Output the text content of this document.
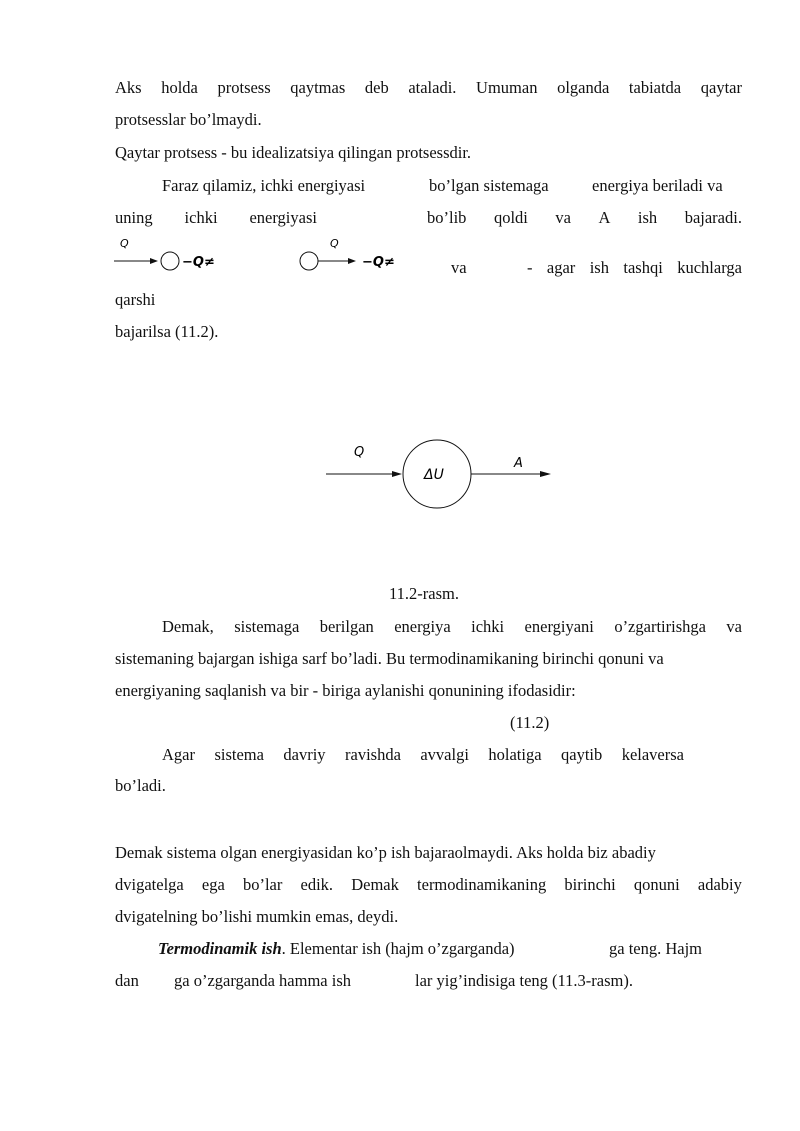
Aks holda protsess qaytmas deb ataladi. Umuman olganda tabiatda qaytar
protsesslar bo’lmaydi.
Qaytar protsess - bu idealizatsiya qilingan protsessdir.
Faraz qilamiz, ichki energiyasi	bo’lgan sistemaga	energiya beriladi va
uning ichki energiyasi	bo’lib qoldi va A ish bajaradi.
Q
−Q≠
Q
−Q≠	va	- agar ish tashqi kuchlarga
qarshi
bajarilsa (11.2).
Q
ΔU
A
11.2-rasm.
Demak, sistemaga berilgan energiya ichki energiyani o’zgartirishga va
sistemaning bajargan ishiga sarf bo’ladi. Bu termodinamikaning birinchi qonuni va
energiyaning saqlanish va bir - biriga aylanishi qonunining ifodasidir:
(11.2)
Agar sistema davriy ravishda avvalgi holatiga qaytib kelaversa
bo’ladi.
Demak sistema olgan energiyasidan ko’p ish bajaraolmaydi. Aks holda biz abadiy
dvigatelga ega bo’lar edik. Demak termodinamikaning birinchi qonuni adabiy
dvigatelning bo’lishi mumkin emas, deydi.
Termodinamik ish. Elementar ish (hajm o’zgarganda)	ga teng. Hajm
dan ga o’zgarganda hamma ish	lar yig’indisiga teng (11.3-rasm).
